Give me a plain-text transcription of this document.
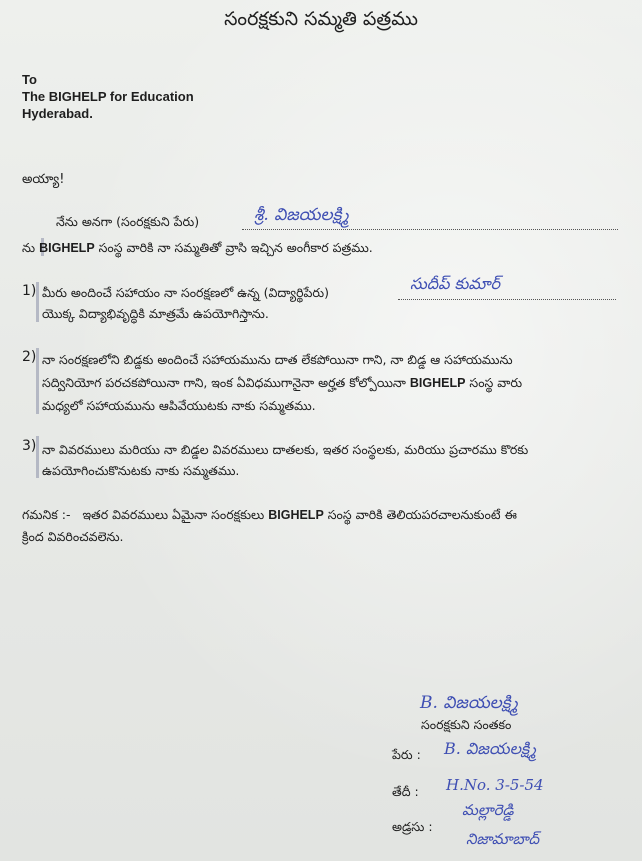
సంరక్షకుని సమ్మతి పత్రము
To
The BIGHELP for Education
Hyderabad.
అయ్యా!
నేను అనగా (సంరక్షకుని పేరు)	శ్రీ. విజయలక్ష్మి
ను BIGHELP సంస్థ వారికి నా సమ్మతితో వ్రాసి ఇచ్చిన అంగీకార పత్రము.
1) మీరు అందించే సహాయం నా సంరక్షణలో ఉన్న (విద్యార్థిపేరు)	సుదీప్ కుమార్
యొక్క విద్యాభివృద్ధికి మాత్రమే ఉపయోగిస్తాను.
2) నా సంరక్షణలోని బిడ్డకు అందించే సహాయమును దాత లేకపోయినా గాని, నా బిడ్డ ఆ సహాయమును
సద్వినియోగ పరచకపోయినా గాని, ఇంక ఏవిధముగానైనా అర్హత కోల్పోయినా BIGHELP సంస్థ వారు
మధ్యలో సహాయమును ఆపివేయుటకు నాకు సమ్మతము.
3) నా వివరములు మరియు నా బిడ్డల వివరములు దాతలకు, ఇతర సంస్థలకు, మరియు ప్రచారము కొరకు
ఉపయోగించుకొనుటకు నాకు సమ్మతము.
గమనిక :- ఇతర వివరములు ఏమైనా సంరక్షకులు BIGHELP సంస్థ వారికి తెలియపరచాలనుకుంటే ఈ
క్రింద వివరించవలెను.
B. విజయలక్ష్మి
సంరక్షకుని సంతకం
పేరు : B. విజయలక్ష్మి
తేదీ : H.No. 3-5-54
అడ్రసు :
మల్లారెడ్డి
నిజామాబాద్
